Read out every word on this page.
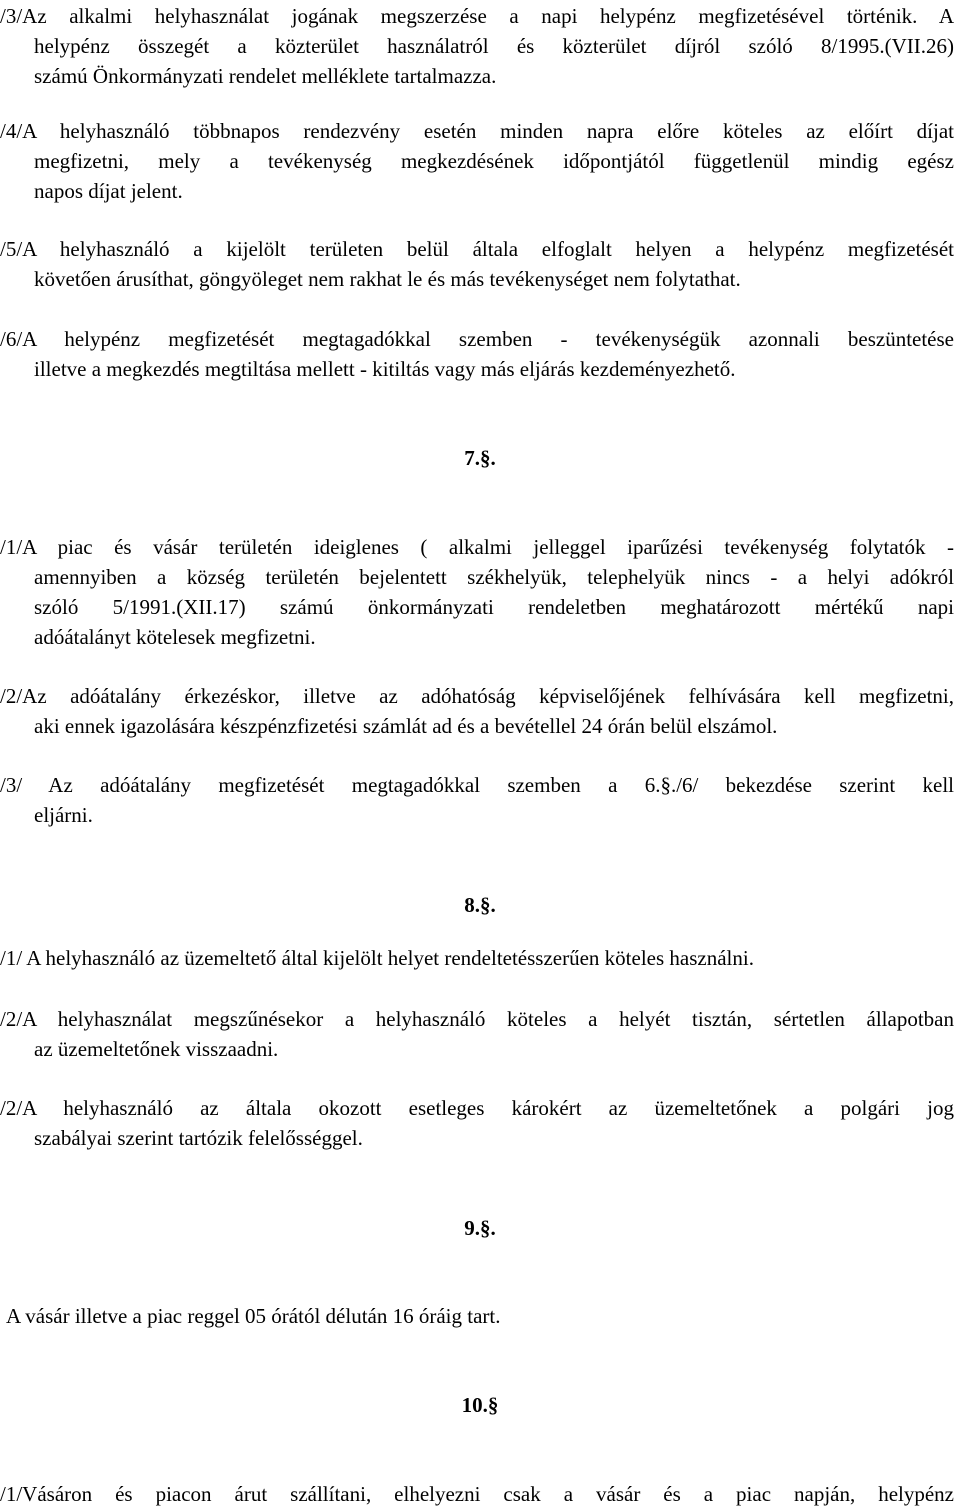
/3/Az alkalmi helyhasználat jogának megszerzése a napi helypénz megfizetésével történik. A
helypénz összegét a közterület használatról és közterület díjról szóló 8/1995.(VII.26)
számú Önkormányzati rendelet melléklete tartalmazza.
/4/A helyhasználó többnapos rendezvény esetén minden napra előre köteles az előírt díjat
megfizetni, mely a tevékenység megkezdésének időpontjától függetlenül mindig egész
napos díjat jelent.
/5/A helyhasználó a kijelölt területen belül általa elfoglalt helyen a helypénz megfizetését
követően árusíthat, göngyöleget nem rakhat le és más tevékenységet nem folytathat.
/6/A helypénz megfizetését megtagadókkal szemben - tevékenységük azonnali beszüntetése
illetve a megkezdés megtiltása mellett - kitiltás vagy más eljárás kezdeményezhető.
7.§.
/1/A piac és vásár területén ideiglenes ( alkalmi jelleggel iparűzési tevékenység folytatók -
amennyiben a község területén bejelentett székhelyük, telephelyük nincs - a helyi adókról
szóló 5/1991.(XII.17) számú önkormányzati rendeletben meghatározott mértékű napi
adóátalányt kötelesek megfizetni.
/2/Az adóátalány érkezéskor, illetve az adóhatóság képviselőjének felhívására kell megfizetni,
aki ennek igazolására készpénzfizetési számlát ad és a bevétellel 24 órán belül elszámol.
/3/ Az adóátalány megfizetését megtagadókkal szemben a 6.§./6/ bekezdése szerint kell
eljárni.
8.§.
/1/ A helyhasználó az üzemeltető által kijelölt helyet rendeltetésszerűen köteles használni.
/2/A helyhasználat megszűnésekor a helyhasználó köteles a helyét tisztán, sértetlen állapotban
az üzemeltetőnek visszaadni.
/2/A helyhasználó az általa okozott esetleges károkért az üzemeltetőnek a polgári jog
szabályai szerint tartózik felelősséggel.
9.§.
A vásár illetve a piac reggel 05 órától délután 16 óráig tart.
10.§
/1/Vásáron és piacon árut szállítani, elhelyezni csak a vásár és a piac napján, helypénz
